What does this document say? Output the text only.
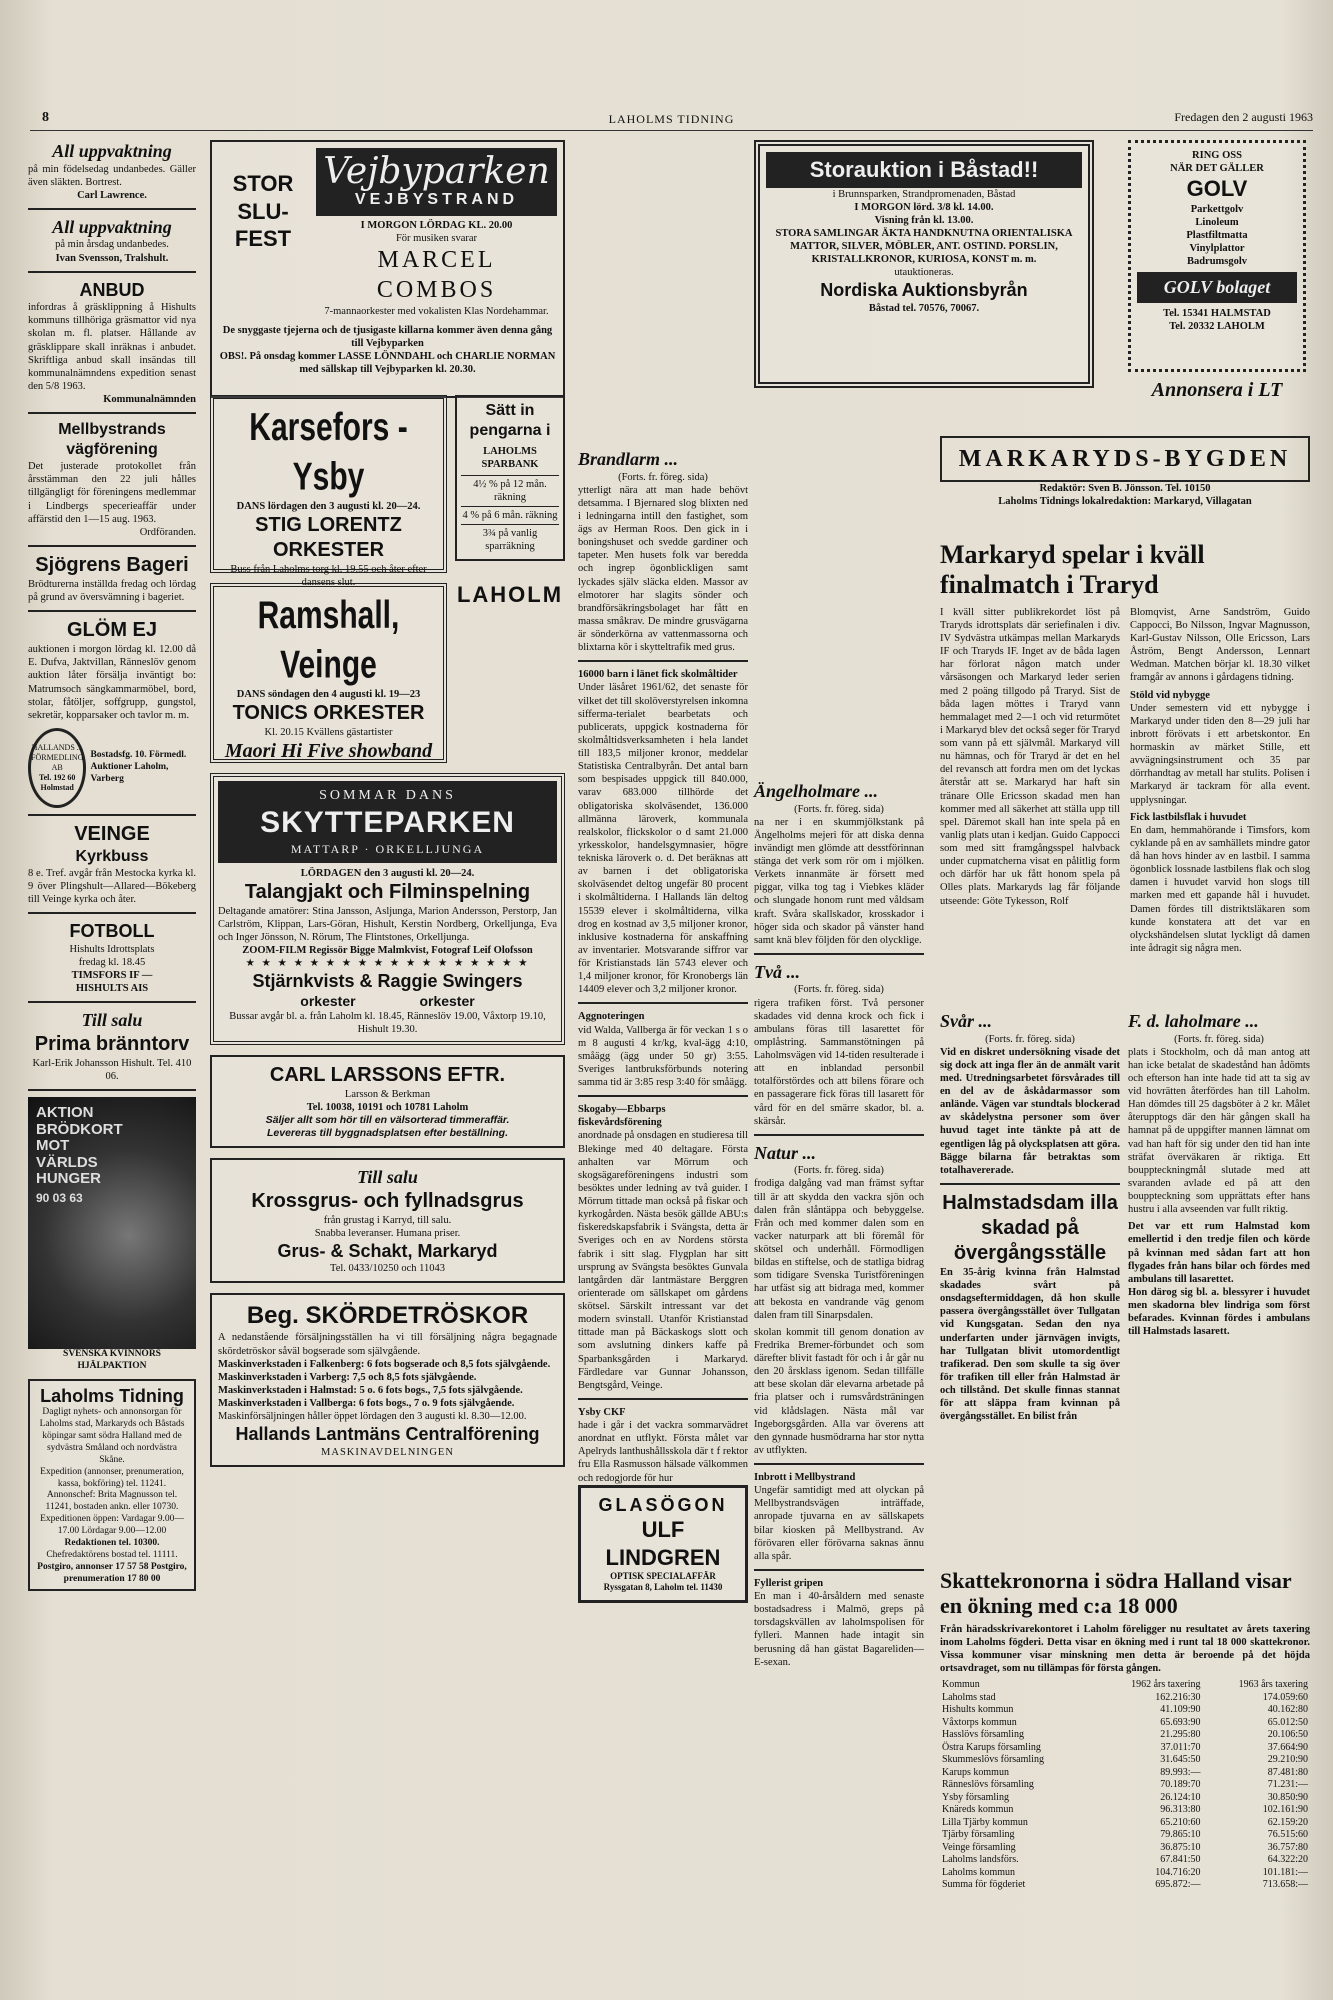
8	LAHOLMS TIDNING	Fredagen den 2 augusti 1963
All uppvaktning
på min födelsedag undanbedes. Gäller även släkten. Bortrest.
Carl Lawrence.
All uppvaktning
på min årsdag undanbedes.
Ivan Svensson, Tralshult.
ANBUD
infordras å gräsklippning å Hishults kommuns tillhöriga gräsmattor vid nya skolan m. fl. platser. Hållande av gräsklippare skall inräknas i anbudet. Skriftliga anbud skall insändas till kommunalnämndens expedition senast den 5/8 1963.
Kommunalnämnden
Mellbystrands vägförening
Det justerade protokollet från årsstämman den 22 juli hålles tillgängligt för föreningens medlemmar i Lindbergs specerieaffär under affärstid den 1—15 aug. 1963.
Ordföranden.
Sjögrens Bageri
Brödturerna inställda fredag och lördag på grund av översvämning i bageriet.
GLÖM EJ
auktionen i morgon lördag kl. 12.00 då E. Dufva, Jaktvillan, Ränneslöv genom auktion låter försälja inväntigt bo: Matrumsoch sängkammarmöbel, bord, stolar, fåtöljer, soffgrupp, gungstol, sekretär, kopparsaker och tavlor m. m.
HALLANDS ... FÖRMEDLING AB
Tel. 192 60 Holmstad
Bostadsfg. 10. Förmedl. Auktioner Laholm, Varberg
VEINGE
Kyrkbuss
8 e. Tref. avgår från Mestocka kyrka kl. 9 över Plingshult—Allared—Bökeberg till Veinge kyrka och åter.
FOTBOLL
Hishults Idrottsplats
fredag kl. 18.45
TIMSFORS IF —
HISHULTS AIS
Till salu
Prima bränntorv
Karl-Erik Johansson Hishult. Tel. 410 06.
AKTION
BRÖDKORT
MOT
VÄRLDS
HUNGER
90 03 63
SVENSKA KVINNORS HJÄLPAKTION
Laholms Tidning
Dagligt nyhets- och annonsorgan för Laholms stad, Markaryds och Båstads köpingar samt södra Halland med de sydvästra Småland och nordvästra Skåne.
Expedition (annonser, prenumeration, kassa, bokföring) tel. 11241.
Annonschef: Brita Magnusson tel. 11241, bostaden ankn. eller 10730.
Expeditionen öppen: Vardagar 9.00—17.00 Lördagar 9.00—12.00
Redaktionen tel. 10300.
Chefredaktörens bostad tel. 11111.
Postgiro, annonser 17 57 58 Postgiro, prenumeration 17 80 00
STOR
SLU-FEST
Vejbyparken
VEJBYSTRAND
I MORGON LÖRDAG KL. 20.00
För musiken svarar
MARCEL COMBOS
7-mannaorkester med vokalisten Klas Nordehammar.
De snyggaste tjejerna och de tjusigaste killarna kommer även denna gång till Vejbyparken
OBS!. På onsdag kommer LASSE LÖNNDAHL och CHARLIE NORMAN med sällskap till Vejbyparken kl. 20.30.
Karsefors - Ysby
DANS lördagen den 3 augusti kl. 20—24.
STIG LORENTZ ORKESTER
Buss från Laholms torg kl. 19.55 och åter efter dansens slut.
Ramshall, Veinge
DANS söndagen den 4 augusti kl. 19—23
TONICS ORKESTER
Kl. 20.15 Kvällens gästartister
Maori Hi Five showband
Sätt in pengarna i
LAHOLMS SPARBANK
4½ % på 12 mån. räkning
4 % på 6 mån. räkning
3¾ på vanlig sparräkning
LAHOLM
SOMMAR DANS
SKYTTEPARKEN
MATTARP · ORKELLJUNGA
LÖRDAGEN den 3 augusti kl. 20—24.
Talangjakt och Filminspelning
Deltagande amatörer: Stina Jansson, Asljunga, Marion Andersson, Perstorp, Jan Carlström, Klippan, Lars-Göran, Hishult, Kerstin Nordberg, Orkelljunga, Eva och Inger Jönsson, N. Rörum, The Flintstones, Orkelljunga.
ZOOM-FILM Regissör Bigge Malmkvist, Fotograf Leif Olofsson
★ ★ ★ ★ ★ ★ ★ ★ ★ ★ ★ ★ ★ ★ ★ ★ ★ ★
Stjärnkvists & Raggie Swingers
orkester orkester
Bussar avgår bl. a. från Laholm kl. 18.45, Ränneslöv 19.00, Våxtorp 19.10, Hishult 19.30.
CARL LARSSONS EFTR.
Larsson & Berkman
Tel. 10038, 10191 och 10781 Laholm
Säljer allt som hör till en välsorterad timmeraffär.
Levereras till byggnadsplatsen efter beställning.
Till salu
Krossgrus- och fyllnadsgrus
från grustag i Karryd, till salu.
Snabba leveranser. Humana priser.
Grus- & Schakt, Markaryd
Tel. 0433/10250 och 11043
Beg. SKÖRDETRÖSKOR
A nedanstående försäljningsställen ha vi till försäljning några begagnade skördetröskor såväl bogserade som självgående.
Maskinverkstaden i Falkenberg: 6 fots bogserade och 8,5 fots självgående.
Maskinverkstaden i Varberg: 7,5 och 8,5 fots självgående.
Maskinverkstaden i Halmstad: 5 o. 6 fots bogs., 7,5 fots självgående.
Maskinverkstaden i Vallberga: 6 fots bogs., 7 o. 9 fots självgående.
Maskinförsäljningen håller öppet lördagen den 3 augusti kl. 8.30—12.00.
Hallands Lantmäns Centralförening
MASKINAVDELNINGEN
Storauktion i Båstad!!
i Brunnsparken, Strandpromenaden, Båstad
I MORGON lörd. 3/8 kl. 14.00.
Visning från kl. 13.00.
STORA SAMLINGAR ÄKTA HANDKNUTNA ORIENTALISKA MATTOR, SILVER, MÖBLER, ANT. OSTIND. PORSLIN, KRISTALLKRONOR, KURIOSA, KONST m. m.
utauktioneras.
Nordiska Auktionsbyrån
Båstad tel. 70576, 70067.
RING OSS
NÄR DET GÄLLER
GOLV
Parkettgolv
Linoleum
Plastfiltmatta
Vinylplattor
Badrumsgolv
GOLV bolaget
Tel. 15341 HALMSTAD
Tel. 20332 LAHOLM
Annonsera i LT
Brandlarm ...
(Forts. fr. föreg. sida)
ytterligt nära att man hade behövt detsamma. I Bjernared slog blixten ned i ledningarna intill den fastighet, som ägs av Herman Roos. Den gick in i boningshuset och svedde gardiner och tapeter. Men husets folk var beredda och ingrep ögonblickligen samt lyckades själv släcka elden. Massor av elmotorer har slagits sönder och brandförsäkringsbolaget har fått en massa småkrav. De mindre grusvägarna är sönderkörna av vattenmassorna och blixtarna kör i skytteltrafik med grus.
16000 barn i länet fick skolmåltider
Under läsåret 1961/62, det senaste för vilket det till skolöverstyrelsen inkomna sifferma-terialet bearbetats och publicerats, uppgick kostnaderna för skolmåltidsverksamheten i hela landet till 183,5 miljoner kronor, meddelar Statistiska Centralbyrån. Det antal barn som bespisades uppgick till 840.000, varav 683.000 tillhörde det obligatoriska skolväsendet, 136.000 allmänna läroverk, kommunala realskolor, flickskolor o d samt 21.000 yrkesskolor, handelsgymnasier, högre tekniska läroverk o. d. Det beräknas att av barnen i det obligatoriska skolväsendet deltog ungefär 80 procent i skolmåltiderna. I Hallands län deltog 15539 elever i skolmåltiderna, vilka drog en kostnad av 3,5 miljoner kronor, inklusive kostnaderna för anskaffning av inventarier. Motsvarande siffror var för Kristianstads län 5743 elever och 1,4 miljoner kronor, för Kronobergs län 14409 elever och 3,2 miljoner kronor.
Aggnoteringen
vid Walda, Vallberga är för veckan 1 s o m 8 augusti 4 kr/kg, kval-ägg 4:10, småägg (ägg under 50 gr) 3:55. Sveriges lantbruksförbunds notering samma tid är 3:85 resp 3:40 för småägg.
Skogaby—Ebbarps fiskevårdsförening
anordnade på onsdagen en studieresa till Blekinge med 40 deltagare. Första anhalten var Mörrum och skogsägareföreningens industri som besöktes under ledning av två guider. I Mörrum tittade man också på fiskar och kyrkogården. Nästa besök gällde ABU:s fiskeredskapsfabrik i Svängsta, detta är Sveriges och en av Nordens största fabrik i sitt slag. Flygplan har sitt ursprung av Svängsta besöktes Gunvala lantgården där lantmästare Berggren orienterade om sällskapet om gårdens skötsel. Särskilt intressant var det modern svinstall. Utanför Kristianstad tittade man på Bäckaskogs slott och som avslutning dinkers kaffe på Sparbanksgården i Markaryd. Färdledare var Gunnar Johansson, Bengtsgård, Veinge.
Ysby CKF
hade i går i det vackra sommarvädret anordnat en utflykt. Första målet var Apelryds lanthushållsskola där t f rektor fru Ella Rasmusson hälsade välkommen och redogjorde för hur
GLASÖGON
ULF LINDGREN
OPTISK SPECIALAFFÄR
Ryssgatan 8, Laholm tel. 11430
Ängelholmare ...
(Forts. fr. föreg. sida)
na ner i en skummjölkstank på Ängelholms mejeri för att diska denna invändigt men glömde att desstförinnan stänga det verk som rör om i mjölken. Verkets innanmäte är försett med piggar, vilka tog tag i Viebkes kläder och slungade honom runt med våldsam kraft. Svåra skallskador, krosskador i höger sida och skador på vänster hand samt knä blev följden för den olycklige.
Två ...
(Forts. fr. föreg. sida)
rigera trafiken först. Två personer skadades vid denna krock och fick i ambulans föras till lasarettet för omplåstring. Sammanstötningen på Laholmsvägen vid 14-tiden resulterade i att en inblandad personbil totalförstördes och att bilens förare och en passagerare fick föras till lasarett för vård för en del smärre skador, bl. a. skärsår.
Natur ...
(Forts. fr. föreg. sida)
frodiga dalgång vad man främst syftar till är att skydda den vackra sjön och dalen från slåntäppa och bebyggelse. Från och med kommer dalen som en vacker naturpark att bli föremål för skötsel och underhåll. Förmodligen bildas en stiftelse, och de statliga bidrag som tidigare Svenska Turistföreningen har utfäst sig att bidraga med, kommer att bekosta en vandrande väg genom dalen fram till Sinarpsdalen.
skolan kommit till genom donation av Fredrika Bremer-förbundet och som därefter blivit fastadt för och i år går nu den 20 årsklass igenom. Sedan tillfälle att bese skolan där elevarna arbetade på fria platser och i rumsvårdsträningen vid klådslagen. Nästa mål var Ingeborgsgården. Alla var överens att den gynnade husmödrarna har stor nytta av utflykten.
Inbrott i Mellbystrand
Ungefär samtidigt med att olyckan på Mellbystrandsvägen inträffade, anropade tjuvarna en av sällskapets bilar kiosken på Mellbystrand. Av förövaren eller förövarna saknas ännu alla spår.
Fyllerist gripen
En man i 40-årsåldern med senaste bostadsadress i Malmö, greps på torsdagskvällen av laholmspolisen för fylleri. Mannen hade intagit sin berusning då han gästat Bagareliden—E-sexan.
MARKARYDS-BYGDEN
Redaktör: Sven B. Jönsson. Tel. 10150
Laholms Tidnings lokalredaktion: Markaryd, Villagatan
Markaryd spelar i kväll finalmatch i Traryd
I kväll sitter publikrekordet löst på Traryds idrottsplats där seriefinalen i div. IV Sydvästra utkämpas mellan Markaryds IF och Traryds IF. Inget av de båda lagen har förlorat någon match under vårsäsongen och Markaryd leder serien med 2 poäng tillgodo på Traryd. Sist de båda lagen möttes i Traryd vann hemmalaget med 2—1 och vid returmötet i Markaryd blev det också seger för Traryd som vann på ett självmål. Markaryd vill nu hämnas, och för Traryd är det en hel del revansch att fordra men om det lyckas återstår att se. Markaryd har haft sin tränare Olle Ericsson skadad men han kommer med all säkerhet att ställa upp till spel. Däremot skall han inte spela på en vanlig plats utan i kedjan. Guido Cappocci som med sitt framgångsspel halvback under cupmatcherna visat en pålitlig form och därför har uk fått honom spela på Olles plats. Markaryds lag får följande utseende: Göte Tykesson, Rolf
Blomqvist, Arne Sandström, Guido Cappocci, Bo Nilsson, Ingvar Magnusson, Karl-Gustav Nilsson, Olle Ericsson, Lars Åström, Bengt Andersson, Lennart Wedman. Matchen börjar kl. 18.30 vilket framgår av annons i gårdagens tidning.
Stöld vid nybygge
Under semestern vid ett nybygge i Markaryd under tiden den 8—29 juli har inbrott förövats i ett arbetskontor. En hormaskin av märket Stille, ett avvägningsinstrument och 35 par dörrhandtag av metall har stulits. Polisen i Markaryd är tackram för alla event. upplysningar.
Fick lastbilsflak i huvudet
En dam, hemmahörande i Timsfors, kom cyklande på en av samhällets mindre gator då han hovs hinder av en lastbil. I samma ögonblick lossnade lastbilens flak och slog damen i huvudet varvid hon slogs till marken med ett gapande hål i huvudet. Damen fördes till distriktsläkaren som kunde konstatera att det var en olyckshändelsen slutat lyckligt då damen inte ådragit sig några men.
Svår ...
(Forts. fr. föreg. sida)
Vid en diskret undersökning visade det sig dock att inga fler än de anmält varit med. Utredningsarbetet försvårades till en del av de åskådarmassor som anlände. Vägen var stundtals blockerad av skådelystna personer som över huvud taget inte tänkte på att de egentligen låg på olycksplatsen att göra. Bägge bilarna får betraktas som totalhavererade.
Halmstadsdam illa skadad på övergångsställe
En 35-årig kvinna från Halmstad skadades svårt på onsdagseftermiddagen, då hon skulle passera övergångsstället över Tullgatan vid Kungsgatan. Sedan den nya underfarten under järnvägen invigts, har Tullgatan blivit utomordentligt trafikerad. Den som skulle ta sig över för trafiken till eller från Halmstad är och tillstånd. Det skulle finnas stannat för att släppa fram kvinnan på övergångsstället. En bilist från
F. d. laholmare ...
(Forts. fr. föreg. sida)
plats i Stockholm, och då man antog att han icke betalat de skadestånd han ådömts och efterson han inte hade tid att ta sig av vid hovrätten återfördes han till Laholm. Han dömdes till 25 dagsböter à 2 kr. Målet återupptogs där den här gången skall ha hamnat på de uppgifter mannen lämnat om vad han haft för sig under den tid han inte sträfat överväkaren är riktiga. Ett bouppteckningmål slutade med att svaranden avlade ed på att den bouppteckning som upprättats efter hans hustru i alla avseenden var fullt riktig.
Det var ett rum Halmstad kom emellertid i den tredje filen och körde på kvinnan med sådan fart att hon flygades från hans bilar och fördes med ambulans till lasarettet.
Hon därog sig bl. a. blessyrer i huvudet men skadorna blev lindriga som först befarades. Kvinnan fördes i ambulans till Halmstads lasarett.
Skattekronorna i södra Halland visar en ökning med c:a 18 000
Från häradsskrivarekontoret i Laholm föreligger nu resultatet av årets taxering inom Laholms fögderi. Detta visar en ökning med i runt tal 18 000 skattekronor. Vissa kommuner visar minskning men detta är beroende på det höjda ortsavdraget, som nu tillämpas för första gången.
Kommun	1962 års taxering	1963 års taxering
Laholms stad	162.216:30	174.059:60
Hishults kommun	41.109:90	40.162:80
Våxtorps kommun	65.693:90	65.012:50
Hasslövs församling	21.295:80	20.106:50
Östra Karups församling	37.011:70	37.664:90
Skummeslövs församling	31.645:50	29.210:90
Karups kommun	89.993:—	87.481:80
Ränneslövs församling	70.189:70	71.231:—
Ysby församling	26.124:10	30.850:90
Knäreds kommun	96.313:80	102.161:90
Lilla Tjärby kommun	65.210:60	62.159:20
Tjärby församling	79.865:10	76.515:60
Veinge församling	36.875:10	36.757:80
Laholms landsförs.	67.841:50	64.322:20
Laholms kommun	104.716:20	101.181:—
Summa för fögderiet	695.872:—	713.658:—
